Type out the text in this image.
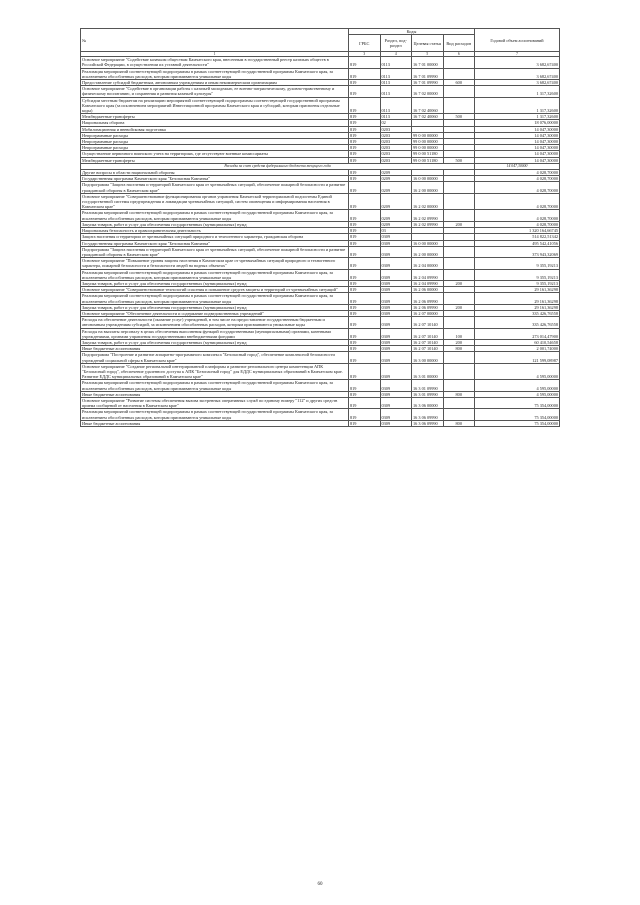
№	Коды				Годовой объем ассигнований
	ГРБС	Раздел, под-раздел	Целевая статья	Вид расходов	
1	3	4	5	6	7
Основное мероприятие "Содействие казачьим обществам Камчатского края, внесенным в государственный реестр казачьих обществ в Российской Федерации, в осуществлении их уставной деятельности"	819	0113	16 7 01 00000		3 682,67400
Реализация мероприятий соответствующей подпрограммы в рамках соответствующей государственной программы Камчатского края, за исключением обособленных расходов, которым присваиваются уникальные коды	819	0113	16 7 01 09990		3 682,67400
Предоставление субсидий бюджетным, автономным учреждениям и иным некоммерческим организациям	819	0113	16 7 01 09990	600	3 682,67400
Основное мероприятие "Содействие в организации работы с казачьей молодежью, ее военно-патриотическому, духовно-нравственному и физическому воспитанию, и сохранения и развития казачьей культуры"	819	0113	16 7 02 00000		1 317,32600
Субсидии местным бюджетам на реализацию мероприятий соответствующей подпрограммы соответствующей государственной программы Камчатского края (за исключением мероприятий Инвестиционной программы Камчатского края и субсидий, которым присвоены отдельные коды)	819	0113	16 7 02 40060		1 317,32600
Межбюджетные трансферты	819	0113	16 7 02 40060	500	1 317,32600
Национальная оборона	819	02			18 076,00000
Мобилизационная и вневойсковая подготовка	819	0203			14 047,30000
Непрограммные расходы	819	0203	99 0 00 00000		14 047,30000
Непрограммные расходы	819	0203	99 0 00 00000		14 047,30000
Непрограммные расходы	819	0203	99 0 00 00000		14 047,30000
Осуществление первичного воинского учета на территориях, где отсутствуют военные комиссариаты	819	0203	99 0 00 51180		14 047,30000
Межбюджетные трансферты	819	0203	99 0 00 51180	500	14 047,30000
Расходы за счет средств федерального бюджета текущего года					14 047,30000
Другие вопросы в области национальной обороны	819	0209			4 028,70000
Государственная программа Камчатского края "Безопасная Камчатка"	819	0209	16 0 00 00000		4 028,70000
Подпрограмма "Защита населения и территорий Камчатского края от чрезвычайных ситуаций, обеспечение пожарной безопасности и развитие гражданской обороны в Камчатском крае"	819	0209	16 2 00 00000		4 028,70000
Основное мероприятие "Совершенствование функционирования органов управления Камчатской территориальной подсистемы Единой государственной системы предупреждения и ликвидации чрезвычайных ситуаций, систем оповещения и информирования населения в Камчатском крае"	819	0209	16 2 02 00000		4 028,70000
Реализация мероприятий соответствующей подпрограммы в рамках соответствующей государственной программы Камчатского края, за исключением обособленных расходов, которым присваиваются уникальные коды	819	0209	16 2 02 09990		4 028,70000
Закупка товаров, работ и услуг для обеспечения государственных (муниципальных) нужд	819	0209	16 2 02 09990	200	4 028,70000
Национальная безопасность и правоохранительная деятельность	819	03			1 320 164,66745
Защита населения и территории от чрезвычайных ситуаций природного и техногенного характера, гражданская оборона	819	0309			514 822,51342
Государственная программа Камчатского края "Безопасная Камчатка"	819	0309	16 0 00 00000		495 542,41056
Подпрограмма "Защита населения и территорий Камчатского края от чрезвычайных ситуаций, обеспечение пожарной безопасности и развитие гражданской обороны в Камчатском крае"	819	0309	16 2 00 00000		373 943,32069
Основное мероприятие "Повышение уровня защиты населения в Камчатском крае от чрезвычайных ситуаций природного и техногенного характера, пожарной безопасности и безопасности людей на водных объектах"	819	0309	16 2 04 00000		9 355,19213
Реализация мероприятий соответствующей подпрограммы в рамках соответствующей государственной программы Камчатского края, за исключением обособленных расходов, которым присваиваются уникальные коды	819	0309	16 2 04 09990		9 355,19213
Закупка товаров, работ и услуг для обеспечения государственных (муниципальных) нужд	819	0309	16 2 04 09990	200	9 355,19213
Основное мероприятие "Совершенствование технологий спасения и повышение средств защиты и территорий от чрезвычайных ситуаций"	819	0309	16 2 06 00000		29 161,36298
Реализация мероприятий соответствующей подпрограммы в рамках соответствующей государственной программы Камчатского края, за исключением обособленных расходов, которым присваиваются уникальные коды	819	0309	16 2 06 09990		29 161,36298
Закупка товаров, работ и услуг для обеспечения государственных (муниципальных) нужд	819	0309	16 2 06 09990	200	29 161,36298
Основное мероприятие "Обеспечение деятельности и содержание подведомственных учреждений"	819	0309	16 2 07 00000		335 426,76558
Расходы на обеспечение деятельности (оказание услуг) учреждений, в том числе на предоставление государственным бюджетным и автономным учреждениям субсидий, за исключением обособленных расходов, которым присваиваются уникальные коды	819	0309	16 2 07 10140		335 426,76558
Расходы на выплаты персоналу в целях обеспечения выполнения функций государственными (муниципальными) органами, казенными учреждениями, органами управления государственными внебюджетными фондами	819	0309	16 2 07 10140	100	273 014,47900
Закупка товаров, работ и услуг для обеспечения государственных (муниципальных) нужд	819	0309	16 2 07 10140	200	60 410,54658
Иные бюджетные ассигнования	819	0309	16 2 07 10140	800	2 001,74000
Подпрограмма "Построение и развитие аппаратно-программного комплекса "Безопасный город", обеспечение комплексной безопасности учреждений социальной сферы в Камчатском крае"	819	0309	16 3 00 00000		121 599,08987
Основное мероприятие "Создание региональной интегрированной платформы и развитие регионального центра компетенции АПК "Безопасный город", обеспечение удаленного доступа к АПК "Безопасный город" для ЕДДС муниципальных образований в Камчатском крае. Развитие ЕДДС муниципальных образований в Камчатском крае"	819	0309	16 3 01 00000		4 595,00000
Реализация мероприятий соответствующей подпрограммы в рамках соответствующей государственной программы Камчатского края, за исключением обособленных расходов, которым присваиваются уникальные коды	819	0309	16 3 01 09990		4 595,00000
Иные бюджетные ассигнования	819	0309	16 3 01 09990	800	4 595,00000
Основное мероприятие "Развитие системы обеспечения вызова экстренных оперативных служб по единому номеру "112" и других средств приема сообщений от населения в Камчатском крае"	819	0309	16 3 06 00000		75 354,00000
Реализация мероприятий соответствующей подпрограммы в рамках соответствующей государственной программы Камчатского края, за исключением обособленных расходов, которым присваиваются уникальные коды	819	0309	16 3 06 09990		75 354,00000
Иные бюджетные ассигнования	819	0309	16 3 06 09990	800	75 354,00000
60
